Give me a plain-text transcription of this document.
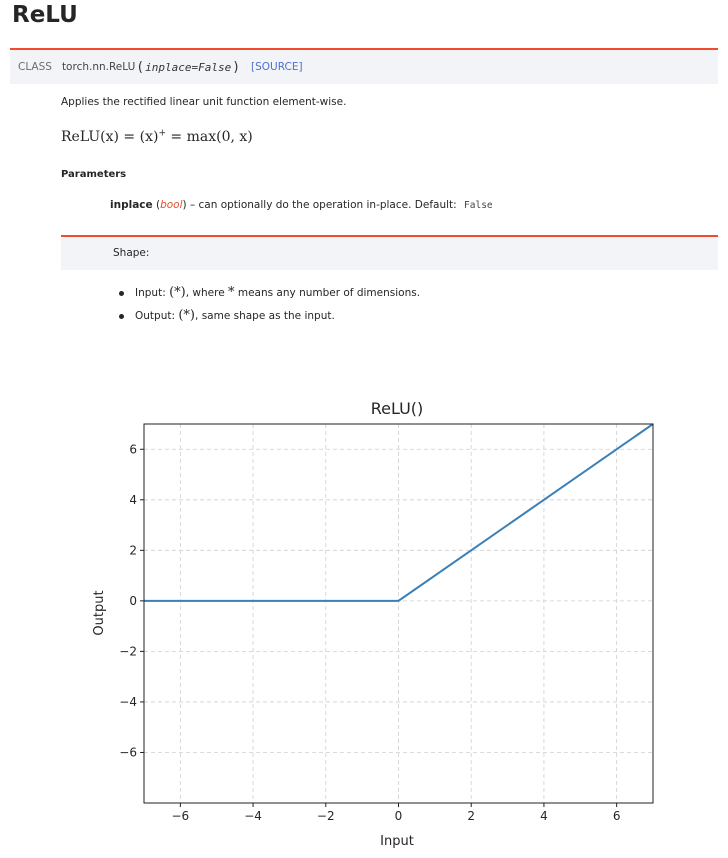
ReLU
CLASS torch.nn.ReLU ( inplace=False ) [SOURCE]
Applies the rectified linear unit function element-wise.
ReLU(x) = (x)+ = max(0, x)
Parameters
inplace (bool) – can optionally do the operation in-place. Default: False
Shape:
Input: (*), where * means any number of dimensions.
Output: (*), same shape as the input.
ReLU()
−6	−4	−2	0	2	4	6
−6
−4
−2
0
2
4
6
Input
Output
